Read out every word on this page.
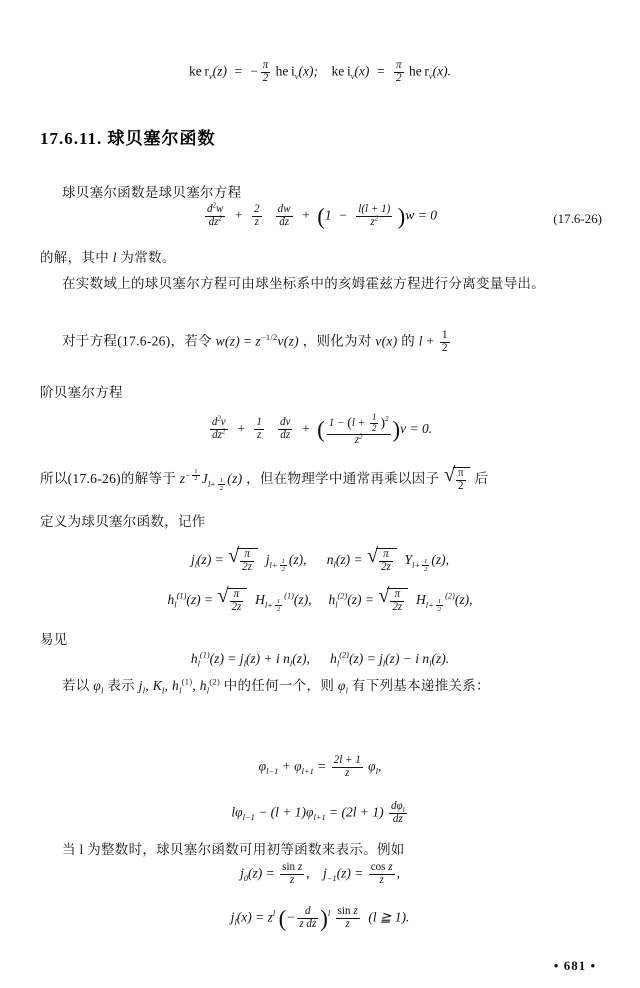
ke $r_v(z)$  =  − $\frac{\pi}{2}$ he $i_v(x)$;    ke $i_v(x) = \frac{\pi}{2}$ he $r_v(x)$.
17.6.11. 球贝塞尔函数
球贝塞尔函数是球贝塞尔方程
$\frac{d^2w}{dz^2} + \frac{2}{z}$
$\frac{dw}{dz} + (1 - \frac{l(l + 1)}{z^2} )w = 0$	(17.6-26)
的解，其中 l 为常数。
在实数域上的球贝塞尔方程可由球坐标系中的亥姆霍兹方程进行分离变量导出。
对于方程(17.6-26)，若令 $w(z) = z^{-1/2}v(z)$ ，则化为对 v(x) 的 $l + \frac{1}{2}$
阶贝塞尔方程
$\frac{d^2v}{dz^2} + \frac{1}{z}$
$\frac{dv}{dz}$ +  ( $\frac{1 - (l + \frac{1}{2} )^2}{z^2} )v = 0$.
所以(17.6-26)的解等于 $z^{- \frac{1}{2}}$ $J_{l+ \frac{1}{2}}$ (z) ，但在物理学中通常再乘以因子 √ $\frac{\pi}{2}$ 后
定义为球贝塞尔函数，记作
$j_l(z)$ = √ $\frac{\pi}{2z} j_{l+ \frac{1}{2}}$ (z),      $n_l(z)$ = √ $\frac{\pi}{2z} Y_{l+ \frac{1}{2}}$ (z),
$h_l^{(1)}(z)$ = √ $\frac{\pi}{2z} H_{l+ \frac{1}{2}}$
$^{(1)}$(z),     $h_l^{(2)}(z)$ = √ $\frac{\pi}{2z} H_{l+ \frac{1}{2}}$
$^{(2)}$(z),
易见
$h_l^{(1)}(z) = j_l(z) + i$ $n_l(z)$,      $h_l^{(2)}(z) = j_l(z) - i$ $n_l(z)$.
若以 $\varphi_l$ 表示 $j_l$, $K_l$, $h_l^{(1)}$, $h_l^{(2)}$ 中的任何一个，则 $\varphi_l$ 有下列基本递推关系：
$\varphi_{l-1} + \varphi_{l+1} = \frac{2l + 1}{z} \varphi_l$,
$l\varphi_{l-1} - (l + 1)\varphi_{l+1} = (2l + 1) \frac{d\varphi_l}{dz}$
当 l 为整数时，球贝塞尔函数可用初等函数来表示。例如
$j_0(z) = \frac{\text{sin z}}{z}$ ,    $j_{-1}(z) = \frac{\text{cos z}}{z}$ ,
$j_l(x) = z^l$ (− $\frac{d}{\text{z dz}} )^l \frac{\text{sin z}}{z} (l$ ≧ 1).
• 681 •
